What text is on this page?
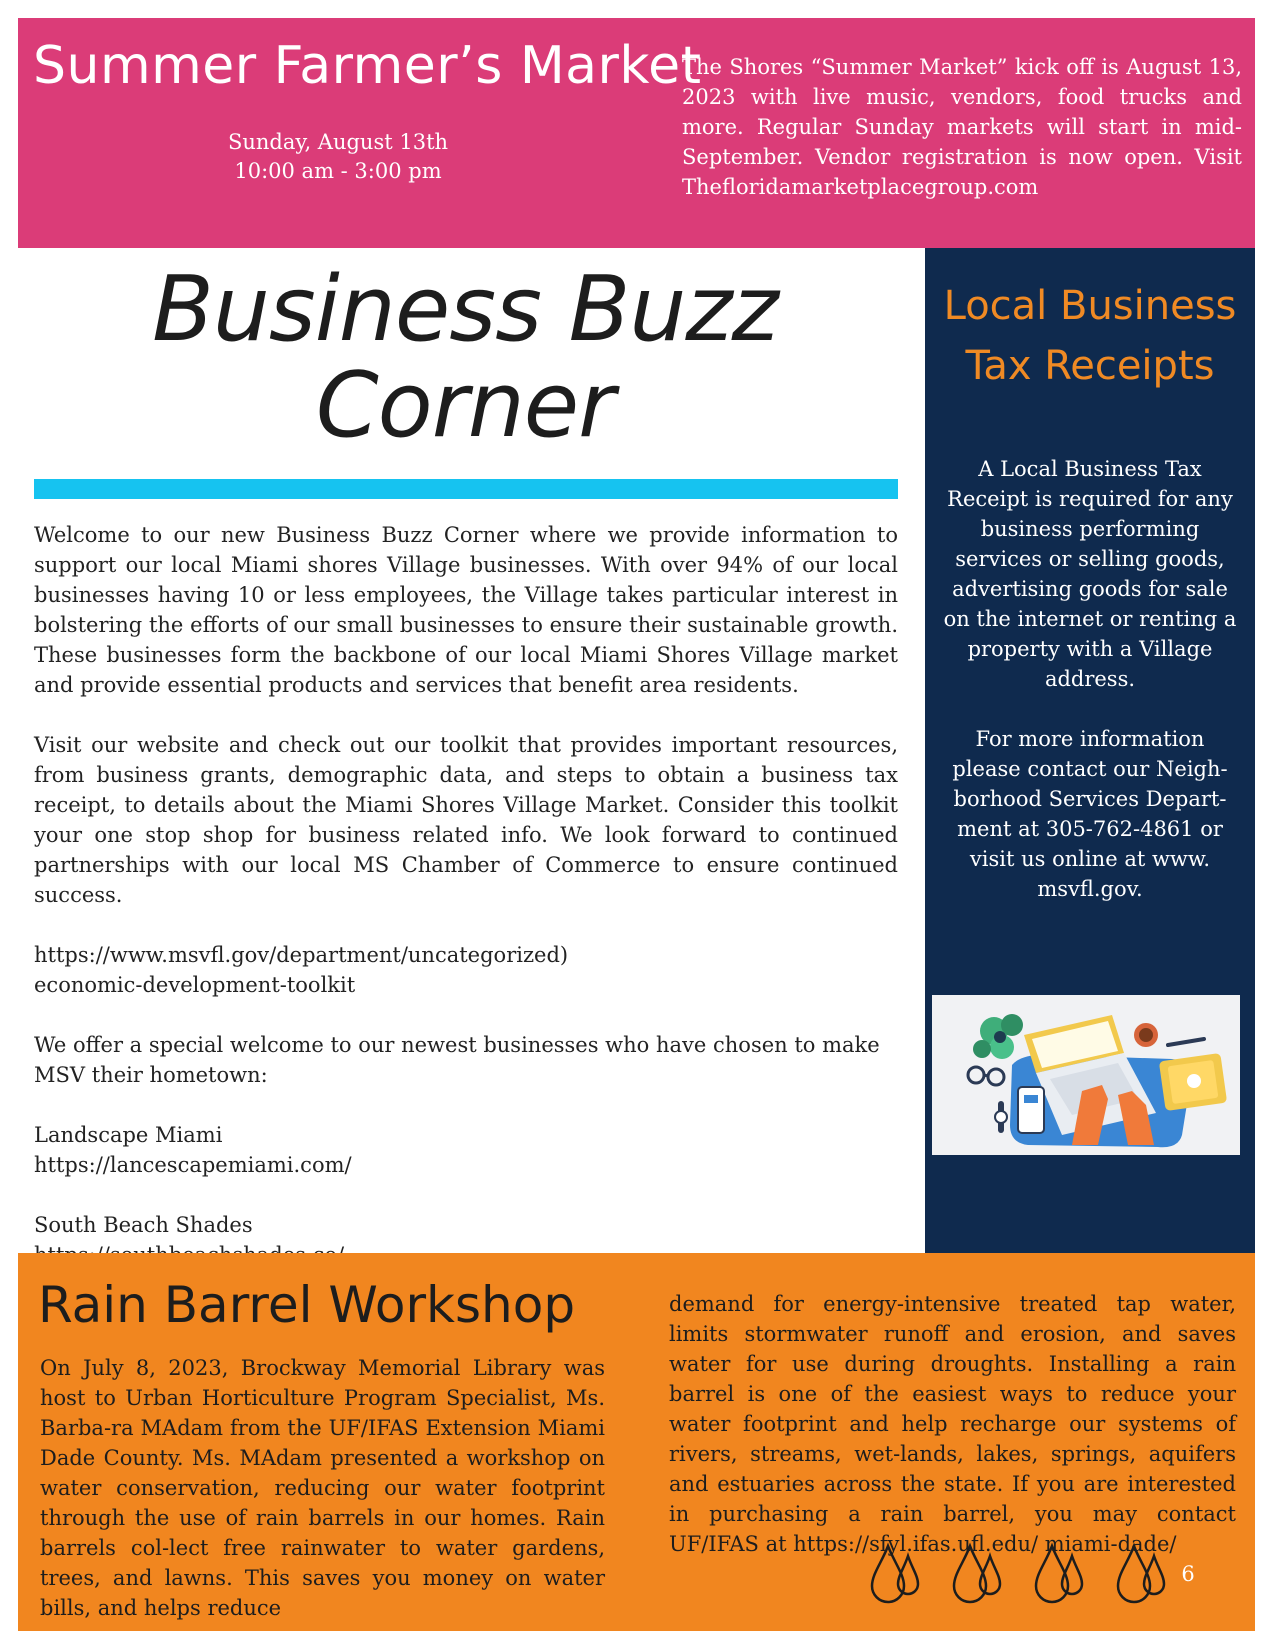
Summer Farmer’s Market
Sunday, August 13th
10:00 am - 3:00 pm
The Shores “Summer Market” kick off is August 13, 2023 with live music, vendors, food trucks and more. Regular Sunday markets will start in mid-September. Vendor registration is now open. Visit Thefloridamarketplacegroup.com
Business Buzz
Corner

Welcome to our new Business Buzz Corner where we provide information to support our local Miami shores Village businesses. With over 94% of our local businesses having 10 or less employees, the Village takes particular interest in bolstering the efforts of our small businesses to ensure their sustainable growth. These businesses form the backbone of our local Miami Shores Village market and provide essential products and services that benefit area residents.

Visit our website and check out our toolkit that provides important resources, from business grants, demographic data, and steps to obtain a business tax receipt, to details about the Miami Shores Village Market. Consider this toolkit your one stop shop for business related info. We look forward to continued partnerships with our local MS Chamber of Commerce to ensure continued success.

https://www.msvfl.gov/department/uncategorized)
economic-development-toolkit
We offer a special welcome to our newest businesses who have chosen to make
MSV their hometown:
Landscape Miami
https://lancescapemiami.com/
South Beach Shades
Local Business
Tax Receipts
A Local Business Tax Receipt is required for any business performing services or selling goods, advertising goods for sale on the internet or renting a property with a Village address.
For more information please contact our Neigh-borhood Services Depart-ment at 305-762-4861 or visit us online at www. msvfl.gov.
Rain Barrel Workshop
On July 8, 2023, Brockway Memorial Library was host to Urban Horticulture Program Specialist, Ms. Barba-ra MAdam from the UF/IFAS Extension Miami Dade County. Ms. MAdam presented a workshop on water conservation, reducing our water footprint through the use of rain barrels in our homes. Rain barrels col-lect free rainwater to water gardens, trees, and lawns. This saves you money on water bills, and helps reduce
demand for energy-intensive treated tap water, limits stormwater runoff and erosion, and saves water for use during droughts. Installing a rain barrel is one of the easiest ways to reduce your water footprint and help recharge our systems of rivers, streams, wet-lands, lakes, springs, aquifers and estuaries across the state. If you are interested in purchasing a rain barrel, you may contact UF/IFAS at https://sfyl.ifas.ufl.edu/ miami-dade/
6
